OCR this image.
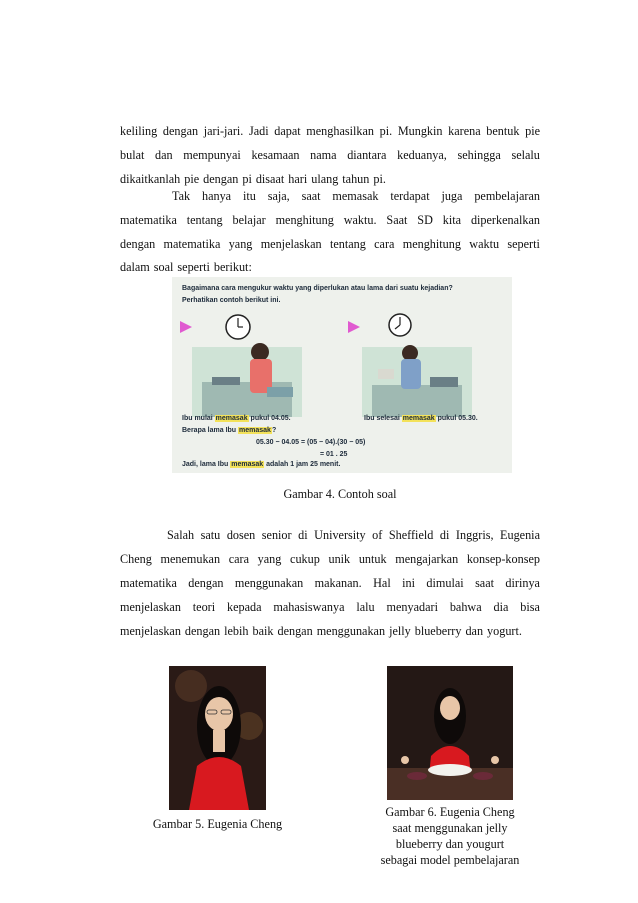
keliling dengan jari-jari. Jadi dapat menghasilkan pi. Mungkin karena bentuk pie
bulat dan mempunyai kesamaan nama diantara keduanya, sehingga selalu
dikaitkanlah pie dengan pi disaat hari ulang tahun pi.
Tak hanya itu saja, saat memasak terdapat juga pembelajaran
matematika tentang belajar menghitung waktu. Saat SD kita diperkenalkan
dengan matematika yang menjelaskan tentang cara menghitung waktu seperti
dalam soal seperti berikut:
Bagaimana cara mengukur waktu yang diperlukan atau lama dari suatu kejadian?
Perhatikan contoh berikut ini.
Ibu mulai memasak pukul 04.05.	Ibu selesai memasak pukul 05.30.
Berapa lama Ibu memasak?
05.30 − 04.05 = (05 − 04).(30 − 05)
= 01 . 25
Jadi, lama Ibu memasak adalah 1 jam 25 menit.
Gambar 4. Contoh soal
Salah satu dosen senior di University of Sheffield di Inggris, Eugenia
Cheng menemukan cara yang cukup unik untuk mengajarkan konsep-konsep
matematika dengan menggunakan makanan. Hal ini dimulai saat dirinya
menjelaskan teori kepada mahasiswanya lalu menyadari bahwa dia bisa
menjelaskan dengan lebih baik dengan menggunakan jelly blueberry dan yogurt.
Gambar 5. Eugenia Cheng
Gambar 6. Eugenia Cheng
saat menggunakan jelly
blueberry dan yougurt
sebagai model pembelajaran
